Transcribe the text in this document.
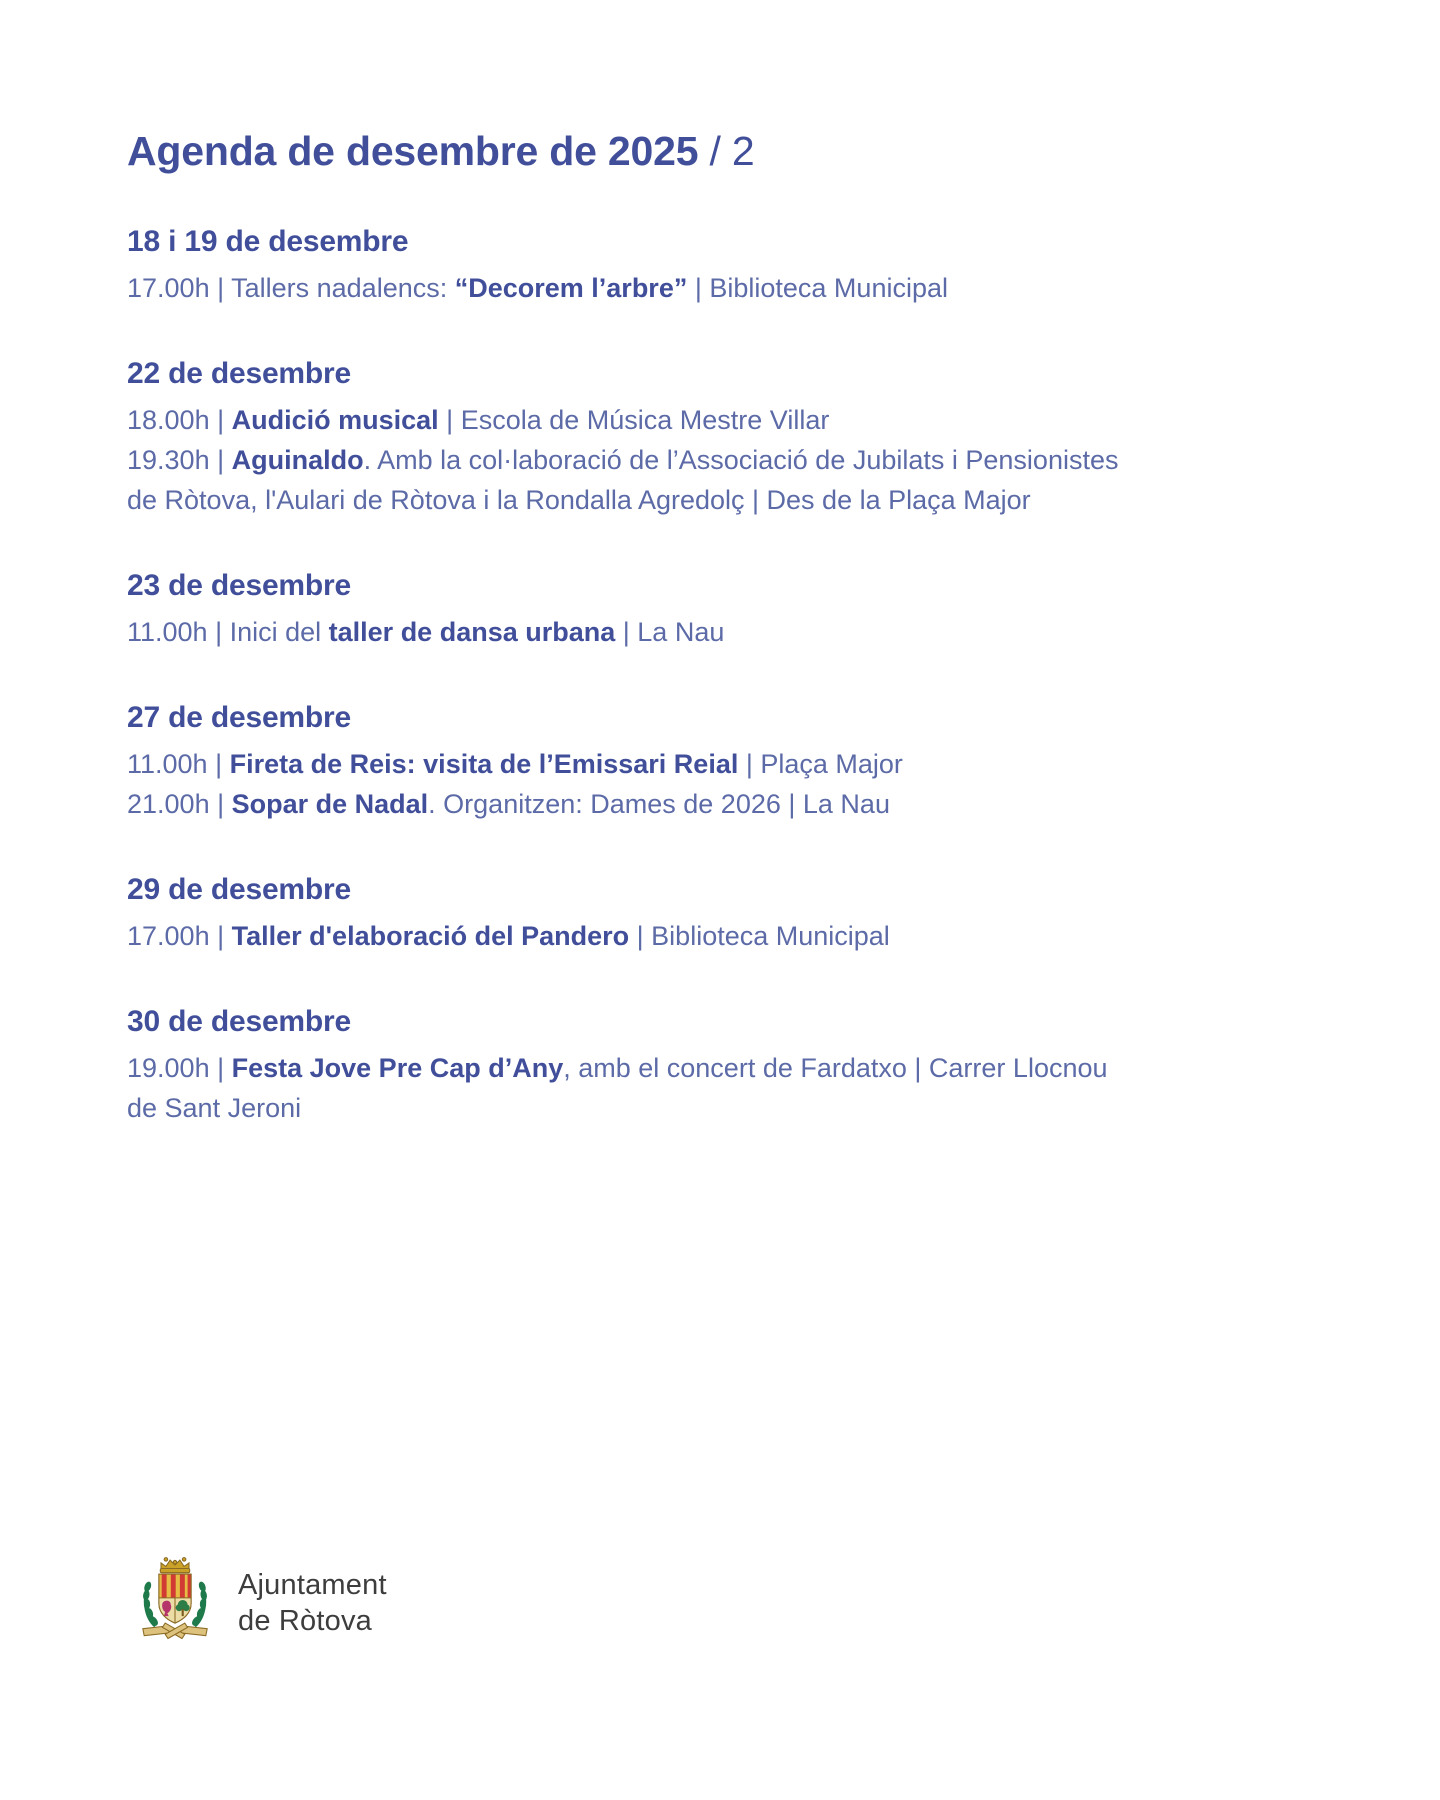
Agenda de desembre de 2025 / 2
18 i 19 de desembre
17.00h | Tallers nadalencs: “Decorem l’arbre” | Biblioteca Municipal
22 de desembre
18.00h | Audició musical | Escola de Música Mestre Villar
19.30h | Aguinaldo. Amb la col·laboració de l’Associació de Jubilats i Pensionistes
de Ròtova, l'Aulari de Ròtova i la Rondalla Agredolç | Des de la Plaça Major
23 de desembre
11.00h | Inici del taller de dansa urbana | La Nau
27 de desembre
11.00h | Fireta de Reis: visita de l’Emissari Reial | Plaça Major
21.00h | Sopar de Nadal. Organitzen: Dames de 2026 | La Nau
29 de desembre
17.00h | Taller d'elaboració del Pandero | Biblioteca Municipal
30 de desembre
19.00h | Festa Jove Pre Cap d’Any, amb el concert de Fardatxo | Carrer Llocnou
de Sant Jeroni
Ajuntament
de Ròtova
